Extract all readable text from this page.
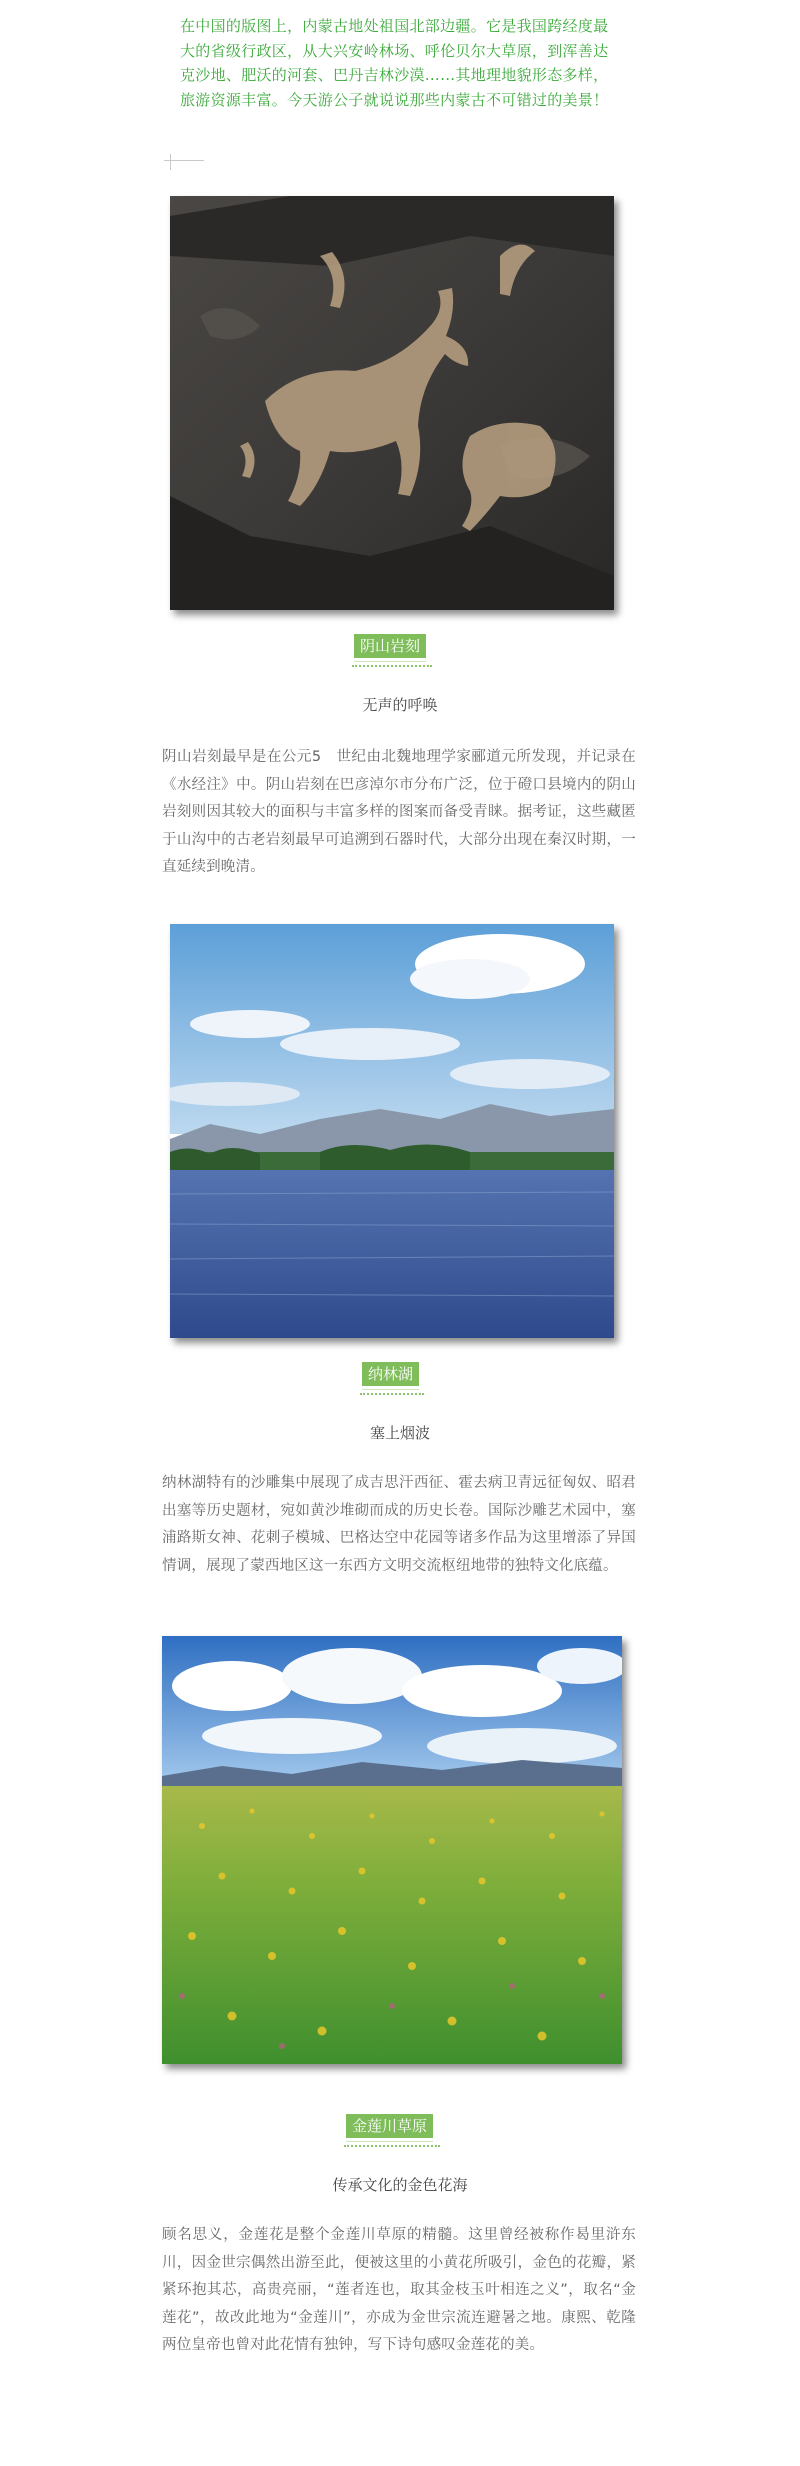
在中国的版图上，内蒙古地处祖国北部边疆。它是我国跨经度最大的省级行政区，从大兴安岭林场、呼伦贝尔大草原，到浑善达克沙地、肥沃的河套、巴丹吉林沙漠……其地理地貌形态多样，旅游资源丰富。今天游公子就说说那些内蒙古不可错过的美景！
阴山岩刻
无声的呼唤
阴山岩刻最早是在公元5　世纪由北魏地理学家郦道元所发现，并记录在《水经注》中。阴山岩刻在巴彦淖尔市分布广泛，位于磴口县境内的阴山岩刻则因其较大的面积与丰富多样的图案而备受青睐。据考证，这些藏匿于山沟中的古老岩刻最早可追溯到石器时代，大部分出现在秦汉时期，一直延续到晚清。
纳林湖
塞上烟波
纳林湖特有的沙雕集中展现了成吉思汗西征、霍去病卫青远征匈奴、昭君出塞等历史题材，宛如黄沙堆砌而成的历史长卷。国际沙雕艺术园中，塞浦路斯女神、花刺子模城、巴格达空中花园等诸多作品为这里增添了异国情调，展现了蒙西地区这一东西方文明交流枢纽地带的独特文化底蕴。
金莲川草原
传承文化的金色花海
顾名思义，金莲花是整个金莲川草原的精髓。这里曾经被称作曷里浒东川，因金世宗偶然出游至此，便被这里的小黄花所吸引，金色的花瓣，紧紧环抱其芯，高贵亮丽，“莲者连也，取其金枝玉叶相连之义”，取名“金莲花”，故改此地为“金莲川”，亦成为金世宗流连避暑之地。康熙、乾隆两位皇帝也曾对此花情有独钟，写下诗句感叹金莲花的美。
